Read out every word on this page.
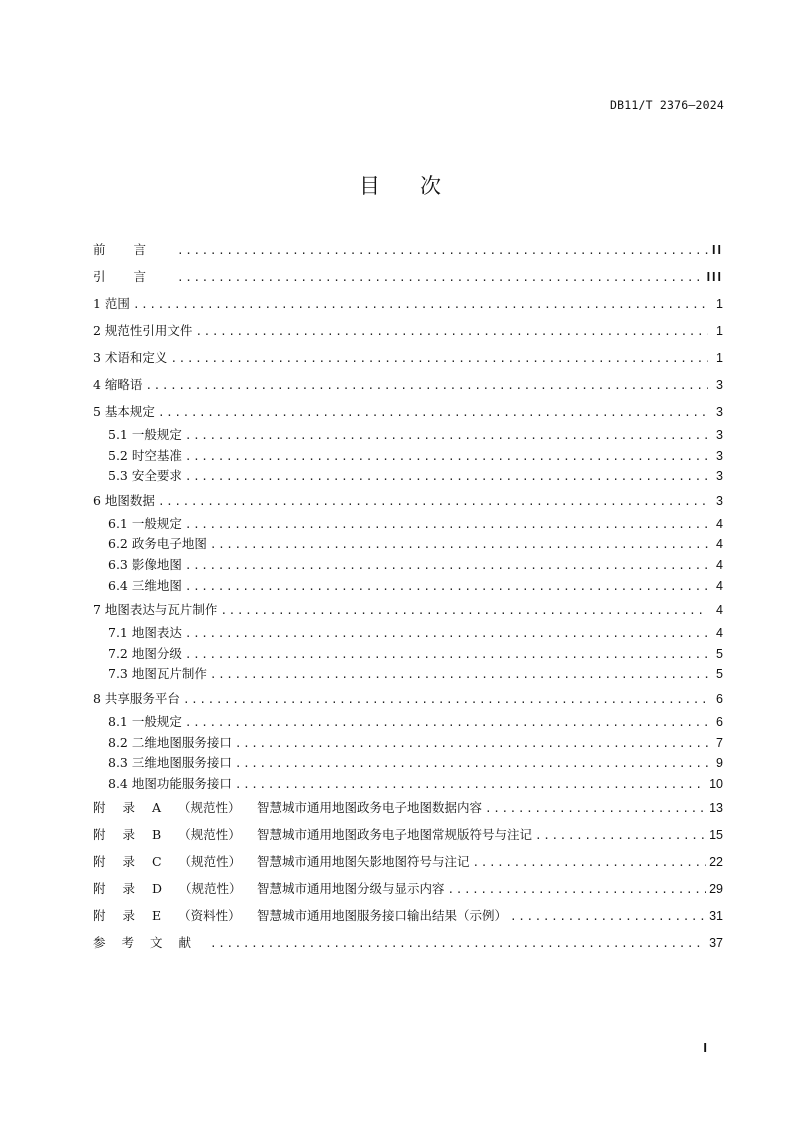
DB11/T 2376—2024
目次
前言 .....	II
引言 .....	III
1 范围 .....	1
2 规范性引用文件 .....	1
3 术语和定义 .....	1
4 缩略语 .....	3
5 基本规定 .....	3
5.1 一般规定 .....	3
5.2 时空基准 .....	3
5.3 安全要求 .....	3
6 地图数据 .....	3
6.1 一般规定 .....	4
6.2 政务电子地图 .....	4
6.3 影像地图 .....	4
6.4 三维地图 .....	4
7 地图表达与瓦片制作 .....	4
7.1 地图表达 .....	4
7.2 地图分级 .....	5
7.3 地图瓦片制作 .....	5
8 共享服务平台 .....	6
8.1 一般规定 .....	6
8.2 二维地图服务接口 .....	7
8.3 三维地图服务接口 .....	9
8.4 地图功能服务接口 .....	10
附录A（规范性） 智慧城市通用地图政务电子地图数据内容 .....	13
附录B（规范性） 智慧城市通用地图政务电子地图常规版符号与注记 .....	15
附录C（规范性） 智慧城市通用地图矢影地图符号与注记 .....	22
附录D（规范性） 智慧城市通用地图分级与显示内容 .....	29
附录E（资料性） 智慧城市通用地图服务接口输出结果（示例） .....	31
参考文献 .....	37
I
